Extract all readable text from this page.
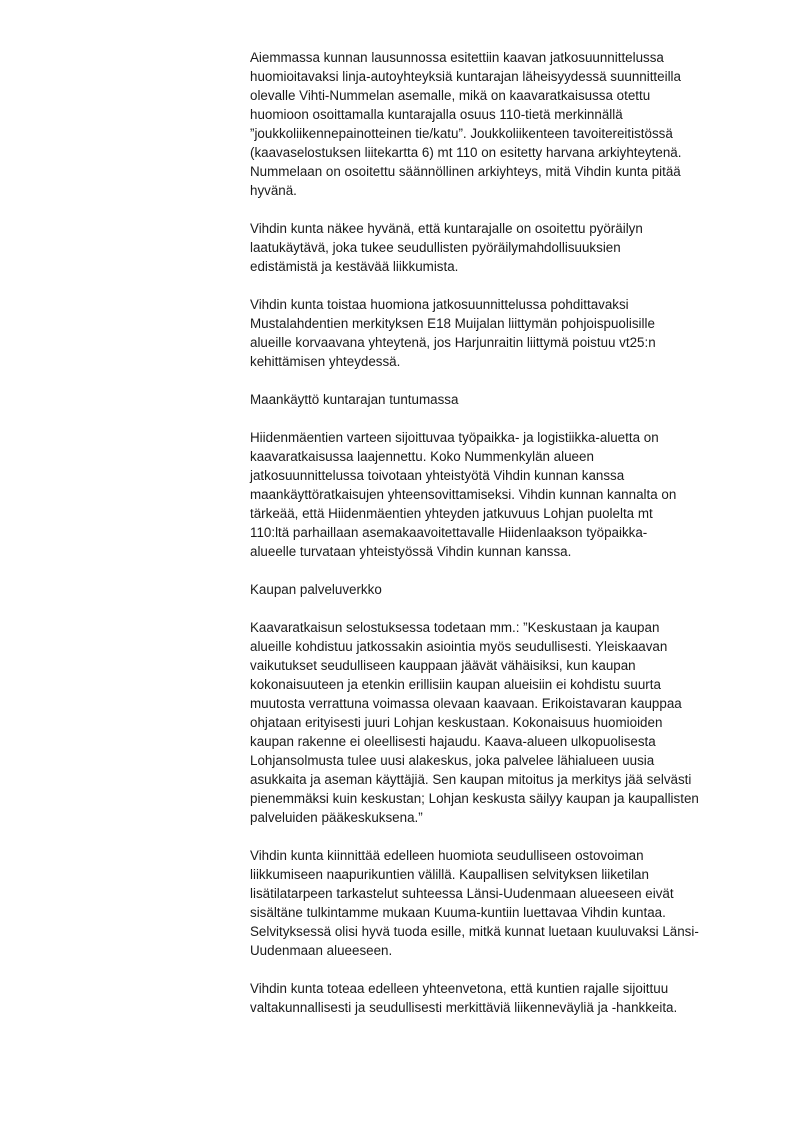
Aiemmassa kunnan lausunnossa esitettiin kaavan jatkosuunnittelussa
huomioitavaksi linja-autoyhteyksiä kuntarajan läheisyydessä suunnitteilla
olevalle Vihti-Nummelan asemalle, mikä on kaavaratkaisussa otettu
huomioon osoittamalla kuntarajalla osuus 110-tietä merkinnällä
”joukkoliikennepainotteinen tie/katu”. Joukkoliikenteen tavoitereitistössä
(kaavaselostuksen liitekartta 6) mt 110 on esitetty harvana arkiyhteytenä.
Nummelaan on osoitettu säännöllinen arkiyhteys, mitä Vihdin kunta pitää
hyvänä.

Vihdin kunta näkee hyvänä, että kuntarajalle on osoitettu pyöräilyn
laatukäytävä, joka tukee seudullisten pyöräilymahdollisuuksien
edistämistä ja kestävää liikkumista.

Vihdin kunta toistaa huomiona jatkosuunnittelussa pohdittavaksi
Mustalahdentien merkityksen E18 Muijalan liittymän pohjoispuolisille
alueille korvaavana yhteytenä, jos Harjunraitin liittymä poistuu vt25:n
kehittämisen yhteydessä.

Maankäyttö kuntarajan tuntumassa

Hiidenmäentien varteen sijoittuvaa työpaikka- ja logistiikka-aluetta on
kaavaratkaisussa laajennettu. Koko Nummenkylän alueen
jatkosuunnittelussa toivotaan yhteistyötä Vihdin kunnan kanssa
maankäyttöratkaisujen yhteensovittamiseksi. Vihdin kunnan kannalta on
tärkeää, että Hiidenmäentien yhteyden jatkuvuus Lohjan puolelta mt
110:ltä parhaillaan asemakaavoitettavalle Hiidenlaakson työpaikka-
alueelle turvataan yhteistyössä Vihdin kunnan kanssa.

Kaupan palveluverkko

Kaavaratkaisun selostuksessa todetaan mm.: ”Keskustaan ja kaupan
alueille kohdistuu jatkossakin asiointia myös seudullisesti. Yleiskaavan
vaikutukset seudulliseen kauppaan jäävät vähäisiksi, kun kaupan
kokonaisuuteen ja etenkin erillisiin kaupan alueisiin ei kohdistu suurta
muutosta verrattuna voimassa olevaan kaavaan. Erikoistavaran kauppaa
ohjataan erityisesti juuri Lohjan keskustaan. Kokonaisuus huomioiden
kaupan rakenne ei oleellisesti hajaudu. Kaava-alueen ulkopuolisesta
Lohjansolmusta tulee uusi alakeskus, joka palvelee lähialueen uusia
asukkaita ja aseman käyttäjiä. Sen kaupan mitoitus ja merkitys jää selvästi
pienemmäksi kuin keskustan; Lohjan keskusta säilyy kaupan ja kaupallisten
palveluiden pääkeskuksena.”

Vihdin kunta kiinnittää edelleen huomiota seudulliseen ostovoiman
liikkumiseen naapurikuntien välillä. Kaupallisen selvityksen liiketilan
lisätilatarpeen tarkastelut suhteessa Länsi-Uudenmaan alueeseen eivät
sisältäne tulkintamme mukaan Kuuma-kuntiin luettavaa Vihdin kuntaa.
Selvityksessä olisi hyvä tuoda esille, mitkä kunnat luetaan kuuluvaksi Länsi-
Uudenmaan alueeseen.

Vihdin kunta toteaa edelleen yhteenvetona, että kuntien rajalle sijoittuu
valtakunnallisesti ja seudullisesti merkittäviä liikenneväyliä ja -hankkeita.
